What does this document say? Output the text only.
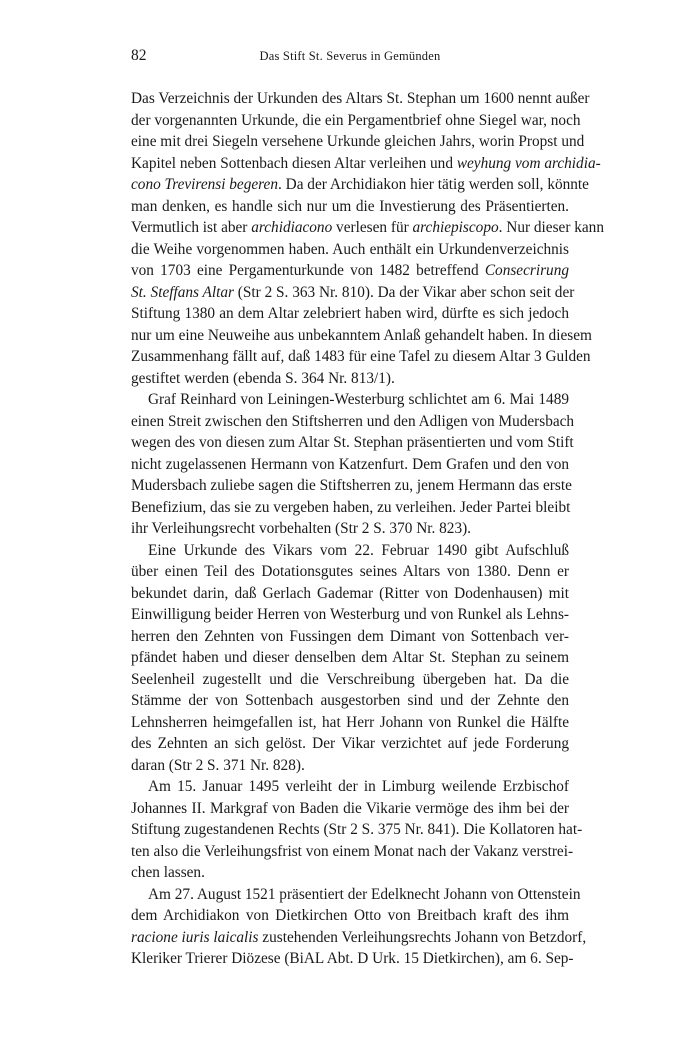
82	Das Stift St. Severus in Gemünden
Das Verzeichnis der Urkunden des Altars St. Stephan um 1600 nennt außer
der vorgenannten Urkunde, die ein Pergamentbrief ohne Siegel war, noch
eine mit drei Siegeln versehene Urkunde gleichen Jahrs, worin Propst und
Kapitel neben Sottenbach diesen Altar verleihen und weyhung vom archidia-
cono Trevirensi begeren. Da der Archidiakon hier tätig werden soll, könnte
man denken, es handle sich nur um die Investierung des Präsentierten.
Vermutlich ist aber archidiacono verlesen für archiepiscopo. Nur dieser kann
die Weihe vorgenommen haben. Auch enthält ein Urkundenverzeichnis
von 1703 eine Pergamenturkunde von 1482 betreffend Consecrirung
St. Steffans Altar (Str 2 S. 363 Nr. 810). Da der Vikar aber schon seit der
Stiftung 1380 an dem Altar zelebriert haben wird, dürfte es sich jedoch
nur um eine Neuweihe aus unbekanntem Anlaß gehandelt haben. In diesem
Zusammenhang fällt auf, daß 1483 für eine Tafel zu diesem Altar 3 Gulden
gestiftet werden (ebenda S. 364 Nr. 813/1).
Graf Reinhard von Leiningen-Westerburg schlichtet am 6. Mai 1489
einen Streit zwischen den Stiftsherren und den Adligen von Mudersbach
wegen des von diesen zum Altar St. Stephan präsentierten und vom Stift
nicht zugelassenen Hermann von Katzenfurt. Dem Grafen und den von
Mudersbach zuliebe sagen die Stiftsherren zu, jenem Hermann das erste
Benefizium, das sie zu vergeben haben, zu verleihen. Jeder Partei bleibt
ihr Verleihungsrecht vorbehalten (Str 2 S. 370 Nr. 823).
Eine Urkunde des Vikars vom 22. Februar 1490 gibt Aufschluß
über einen Teil des Dotationsgutes seines Altars von 1380. Denn er
bekundet darin, daß Gerlach Gademar (Ritter von Dodenhausen) mit
Einwilligung beider Herren von Westerburg und von Runkel als Lehns-
herren den Zehnten von Fussingen dem Dimant von Sottenbach ver-
pfändet haben und dieser denselben dem Altar St. Stephan zu seinem
Seelenheil zugestellt und die Verschreibung übergeben hat. Da die
Stämme der von Sottenbach ausgestorben sind und der Zehnte den
Lehnsherren heimgefallen ist, hat Herr Johann von Runkel die Hälfte
des Zehnten an sich gelöst. Der Vikar verzichtet auf jede Forderung
daran (Str 2 S. 371 Nr. 828).
Am 15. Januar 1495 verleiht der in Limburg weilende Erzbischof
Johannes II. Markgraf von Baden die Vikarie vermöge des ihm bei der
Stiftung zugestandenen Rechts (Str 2 S. 375 Nr. 841). Die Kollatoren hat-
ten also die Verleihungsfrist von einem Monat nach der Vakanz verstrei-
chen lassen.
Am 27. August 1521 präsentiert der Edelknecht Johann von Ottenstein
dem Archidiakon von Dietkirchen Otto von Breitbach kraft des ihm
racione iuris laicalis zustehenden Verleihungsrechts Johann von Betzdorf,
Kleriker Trierer Diözese (BiAL Abt. D Urk. 15 Dietkirchen), am 6. Sep-
